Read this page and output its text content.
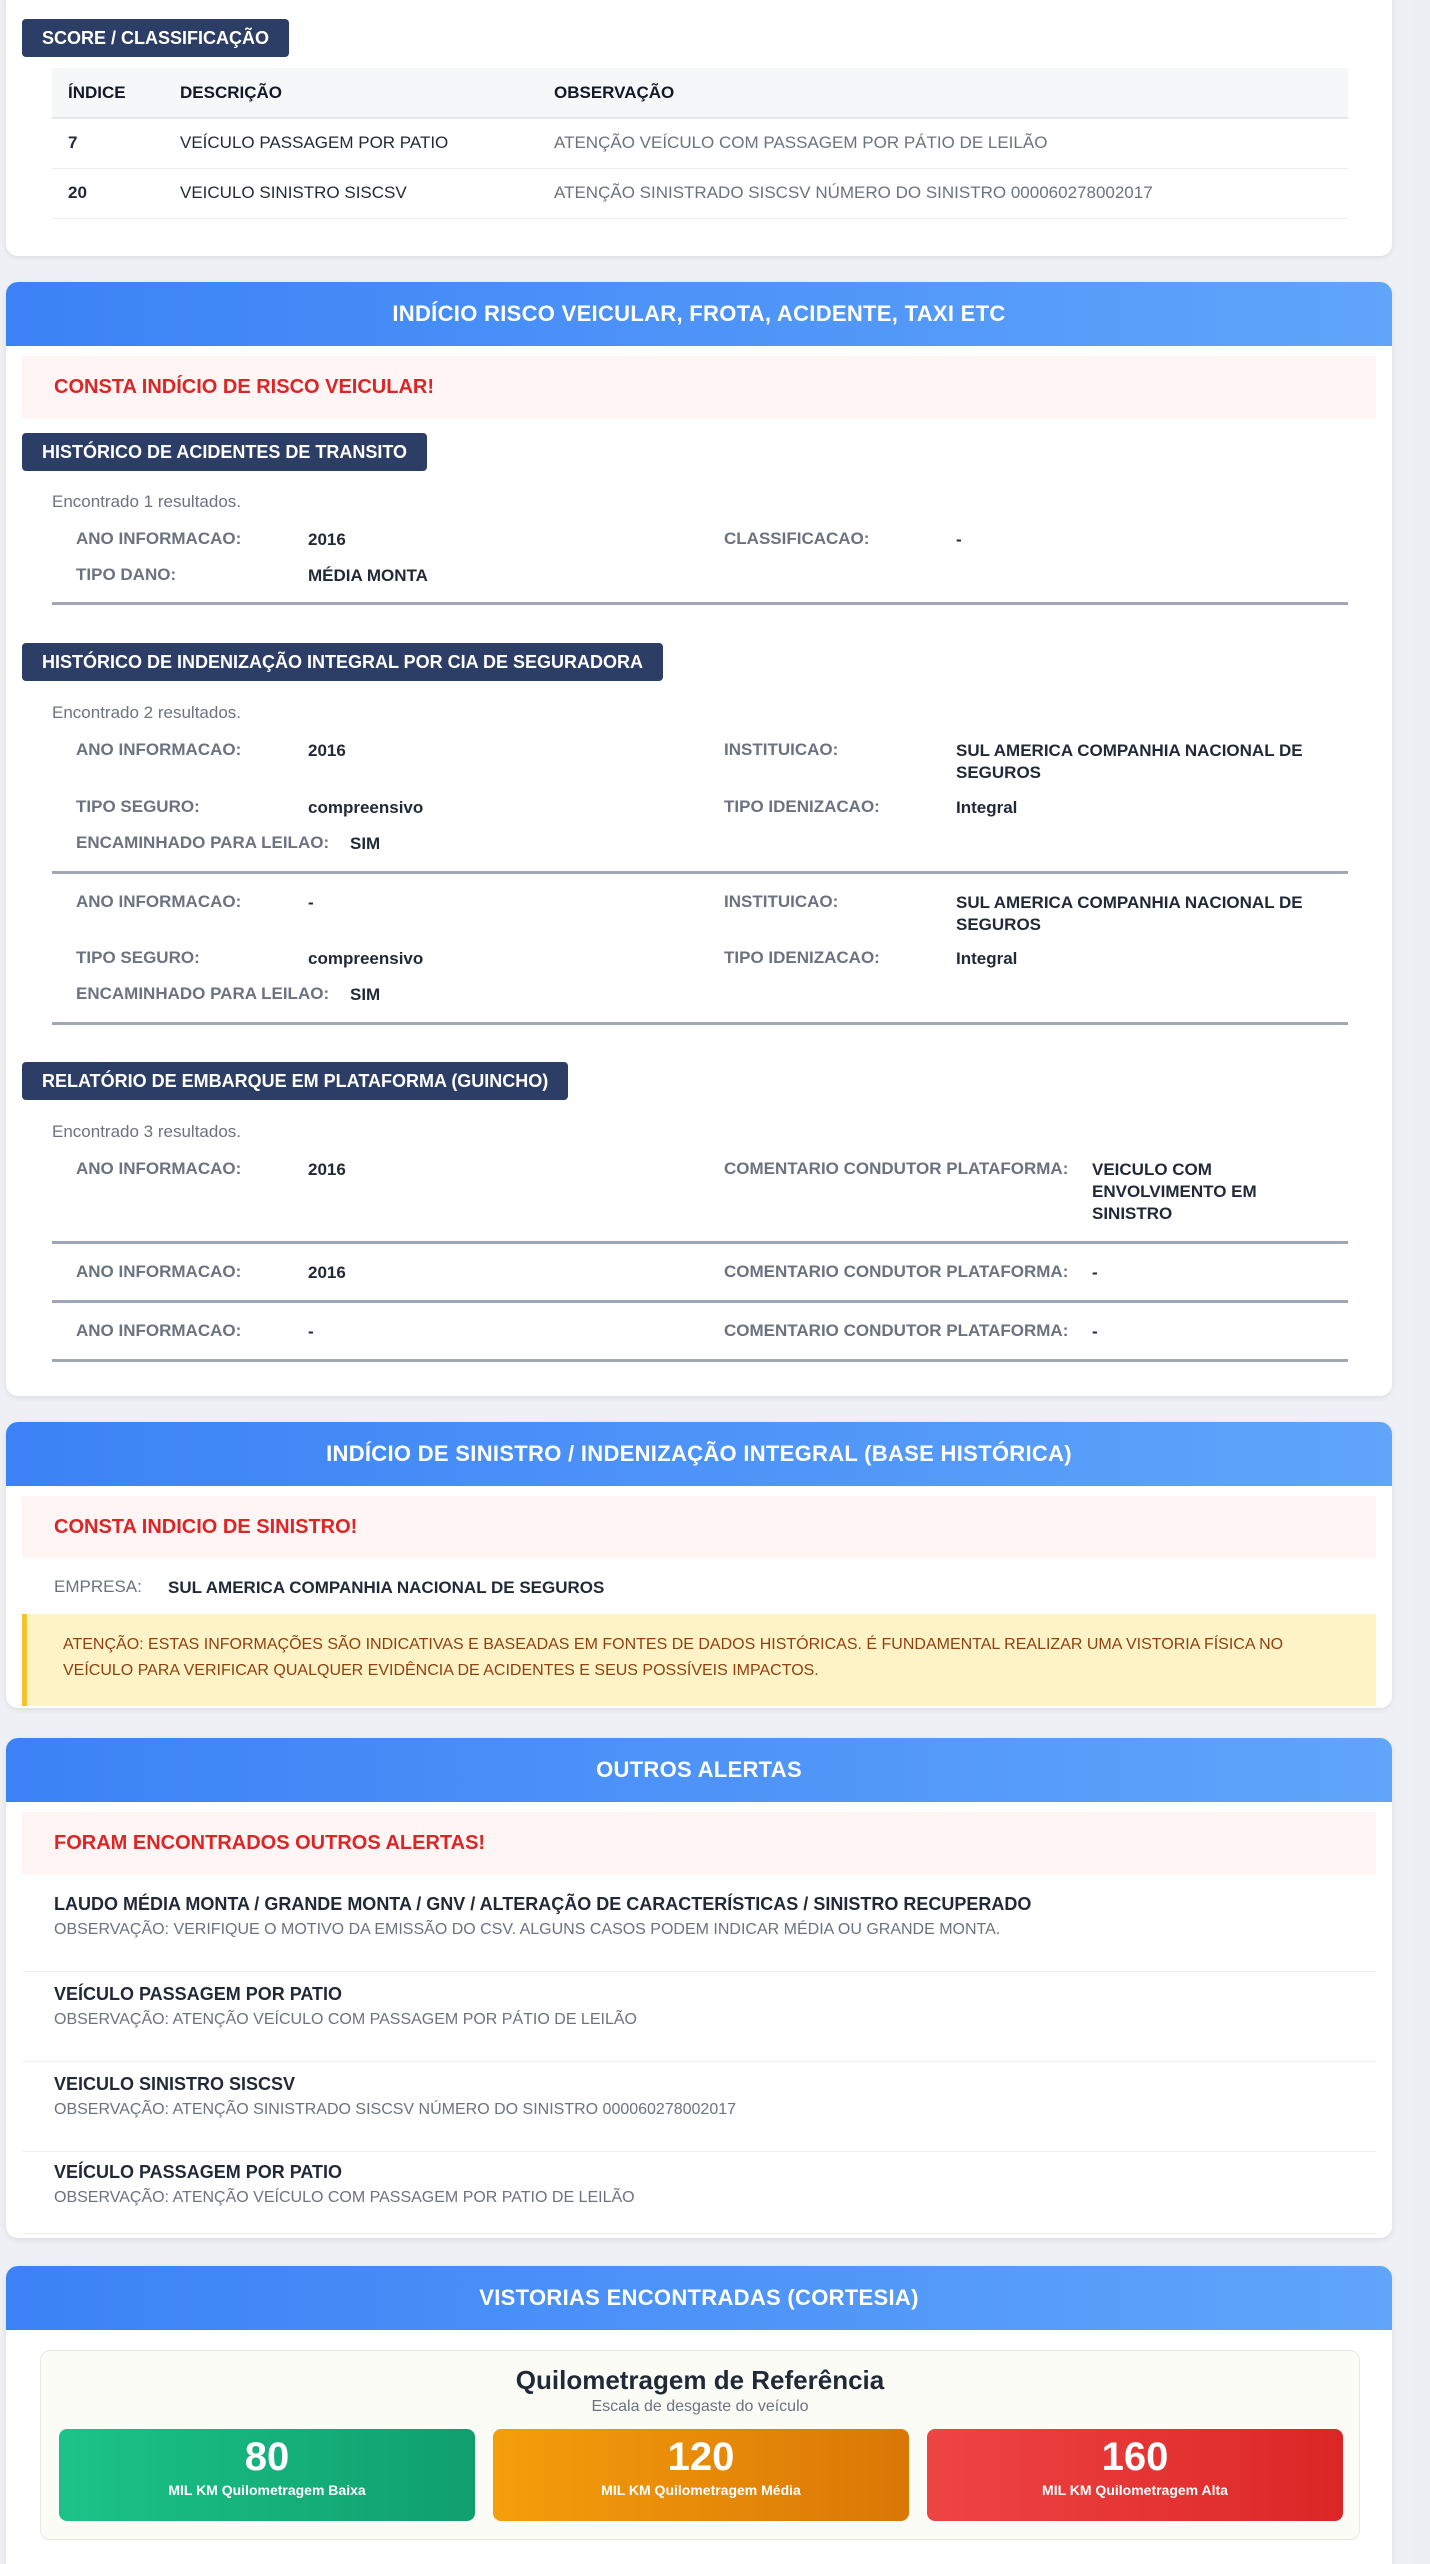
SCORE / CLASSIFICAÇÃO
ÍNDICE	DESCRIÇÃO	OBSERVAÇÃO
7	VEÍCULO PASSAGEM POR PATIO	ATENÇÃO VEÍCULO COM PASSAGEM POR PÁTIO DE LEILÃO
20	VEICULO SINISTRO SISCSV	ATENÇÃO SINISTRADO SISCSV NÚMERO DO SINISTRO 000060278002017
INDÍCIO RISCO VEICULAR, FROTA, ACIDENTE, TAXI ETC
CONSTA INDÍCIO DE RISCO VEICULAR!
HISTÓRICO DE ACIDENTES DE TRANSITO
Encontrado 1 resultados.
ANO INFORMACAO:	2016	CLASSIFICACAO:	-
TIPO DANO:	MÉDIA MONTA
HISTÓRICO DE INDENIZAÇÃO INTEGRAL POR CIA DE SEGURADORA
Encontrado 2 resultados.
ANO INFORMACAO:	2016	INSTITUICAO:	SUL AMERICA COMPANHIA NACIONAL DE SEGUROS
TIPO SEGURO:	compreensivo	TIPO IDENIZACAO:	Integral
ENCAMINHADO PARA LEILAO: SIM
ANO INFORMACAO:	-	INSTITUICAO:	SUL AMERICA COMPANHIA NACIONAL DE SEGUROS
TIPO SEGURO:	compreensivo	TIPO IDENIZACAO:	Integral
ENCAMINHADO PARA LEILAO: SIM
RELATÓRIO DE EMBARQUE EM PLATAFORMA (GUINCHO)
Encontrado 3 resultados.
ANO INFORMACAO:	2016	COMENTARIO CONDUTOR PLATAFORMA: VEICULO COM ENVOLVIMENTO EM SINISTRO
ANO INFORMACAO:	2016	COMENTARIO CONDUTOR PLATAFORMA: -
ANO INFORMACAO:	-	COMENTARIO CONDUTOR PLATAFORMA: -
INDÍCIO DE SINISTRO / INDENIZAÇÃO INTEGRAL (BASE HISTÓRICA)
CONSTA INDICIO DE SINISTRO!
EMPRESA: SUL AMERICA COMPANHIA NACIONAL DE SEGUROS
ATENÇÃO: ESTAS INFORMAÇÕES SÃO INDICATIVAS E BASEADAS EM FONTES DE DADOS HISTÓRICAS. É FUNDAMENTAL REALIZAR UMA VISTORIA FÍSICA NO VEÍCULO PARA VERIFICAR QUALQUER EVIDÊNCIA DE ACIDENTES E SEUS POSSÍVEIS IMPACTOS.
OUTROS ALERTAS
FORAM ENCONTRADOS OUTROS ALERTAS!
LAUDO MÉDIA MONTA / GRANDE MONTA / GNV / ALTERAÇÃO DE CARACTERÍSTICAS / SINISTRO RECUPERADO
OBSERVAÇÃO: VERIFIQUE O MOTIVO DA EMISSÃO DO CSV. ALGUNS CASOS PODEM INDICAR MÉDIA OU GRANDE MONTA.
VEÍCULO PASSAGEM POR PATIO
OBSERVAÇÃO: ATENÇÃO VEÍCULO COM PASSAGEM POR PÁTIO DE LEILÃO
VEICULO SINISTRO SISCSV
OBSERVAÇÃO: ATENÇÃO SINISTRADO SISCSV NÚMERO DO SINISTRO 000060278002017
VEÍCULO PASSAGEM POR PATIO
OBSERVAÇÃO: ATENÇÃO VEÍCULO COM PASSAGEM POR PATIO DE LEILÃO
VISTORIAS ENCONTRADAS (CORTESIA)
Quilometragem de Referência
Escala de desgaste do veículo
80
MIL KM Quilometragem Baixa
120
MIL KM Quilometragem Média
160
MIL KM Quilometragem Alta
